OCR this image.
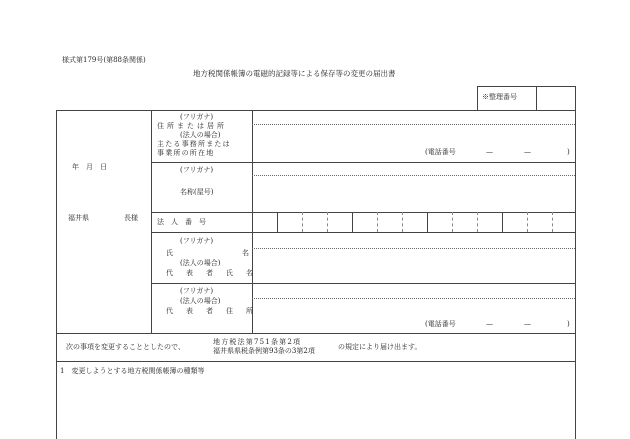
様式第179号(第88条関係)
地方税関係帳簿の電磁的記録等による保存等の変更の届出書
※整理番号
年　月　日
福井県	長様
(フリガナ)
住所または居所
(法人の場合)
主たる事務所または
事業所の所在地	(電話番号	—	—	)
(フリガナ)
名称(屋号)
法　人　番　号
(フリガナ)
氏	名
(法人の場合)
代表者氏名
(フリガナ)
(法人の場合)
代表者住所
(電話番号	—	—	)
次の事項を変更することとしたので、
地方税法第751条第2項
福井県県税条例第93条の3第2項	の規定により届け出ます。
1　変更しようとする地方税関係帳簿の種類等
